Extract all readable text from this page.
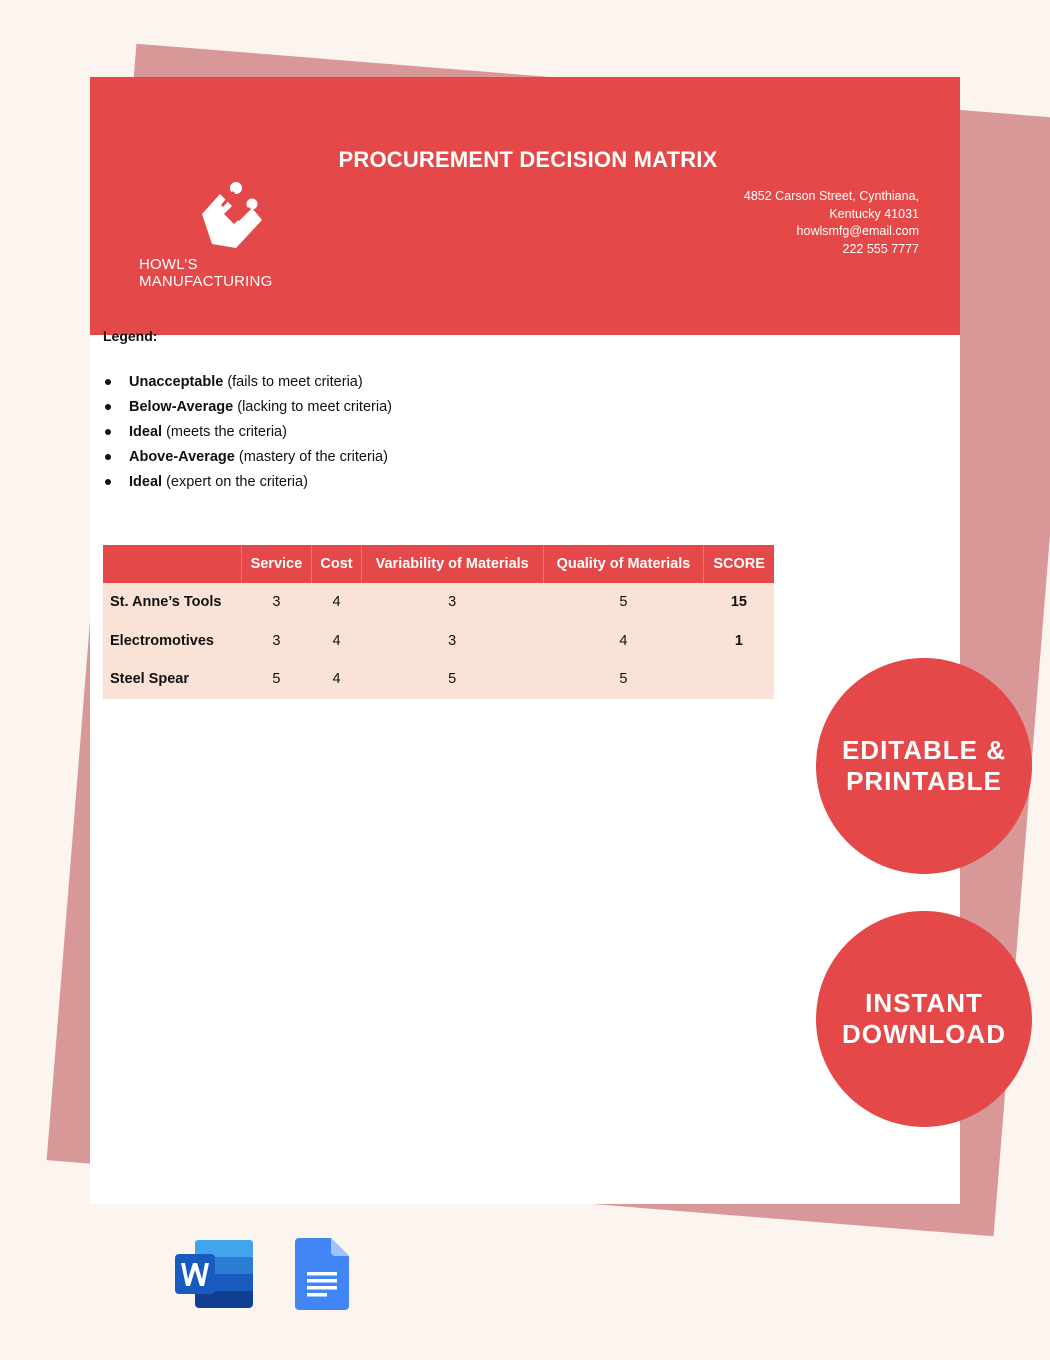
PROCUREMENT DECISION MATRIX
HOWL’S MANUFACTURING
4852 Carson Street, Cynthiana,
Kentucky 41031
howlsmfg@email.com
222 555 7777
Legend:
Unacceptable (fails to meet criteria)
Below-Average (lacking to meet criteria)
Ideal (meets the criteria)
Above-Average (mastery of the criteria)
Ideal (expert on the criteria)
	Service	Cost	Variability of Materials	Quality of Materials	SCORE
St. Anne’s Tools	3	4	3	5	15
Electromotives	3	4	3	4	1
Steel Spear	5	4	5	5	
EDITABLE &
PRINTABLE
INSTANT
DOWNLOAD
